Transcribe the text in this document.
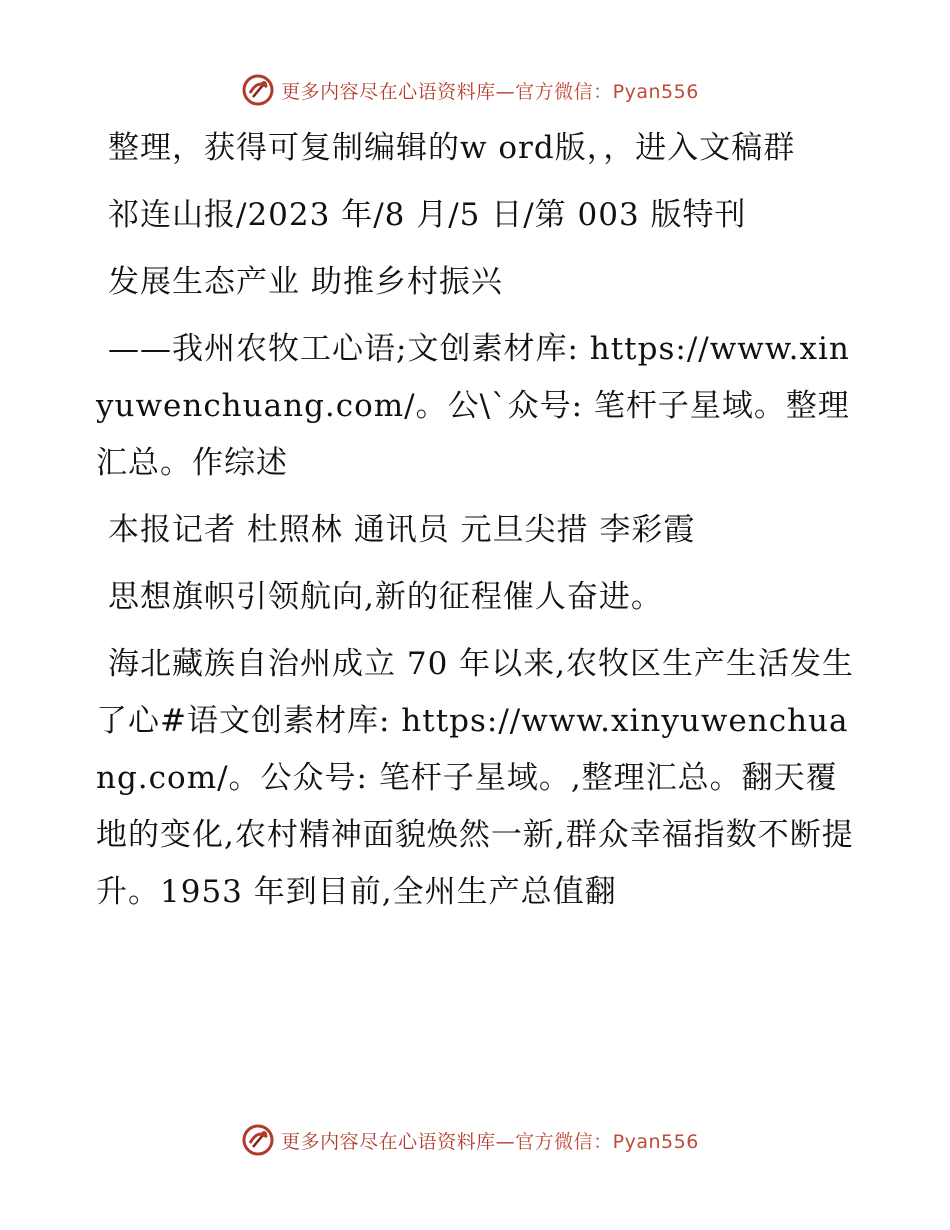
更多内容尽在心语资料库—官方微信：Pyan556

整理，获得可复制编辑的w ord版，，进入文稿群

祁连山报/2023 年/8 月/5 日/第 003 版特刊

发展生态产业 助推乡村振兴

——我州农牧工心语;文创素材库: https://www.xinyuwenchuang.com/。公\`众号: 笔杆子星域。整理汇总。作综述

本报记者 杜照林 通讯员 元旦尖措 李彩霞

思想旗帜引领航向,新的征程催人奋进。

海北藏族自治州成立 70 年以来,农牧区生产生活发生了心#语文创素材库: https://www.xinyuwenchuang.com/。公众号: 笔杆子星域。,整理汇总。翻天覆地的变化,农村精神面貌焕然一新,群众幸福指数不断提升。1953 年到目前,全州生产总值翻

更多内容尽在心语资料库—官方微信：Pyan556
